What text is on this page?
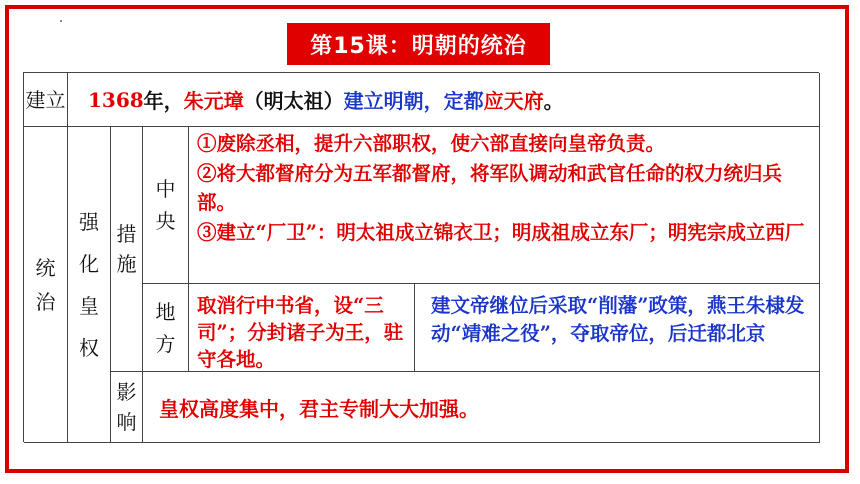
第15课：明朝的统治
建立 1368 年， 朱元璋 （明太祖） 建立明朝， 定都 应天府 。
统治
强化皇权
措施
中央
①废除丞相，提升六部职权，使六部直接向皇帝负责。
②将大都督府分为五军都督府，将军队调动和武官任命的权力统归兵部。
③建立“厂卫”：明太祖成立锦衣卫；明成祖成立东厂；明宪宗成立西厂
地方
取消行中书省，设“三司”；分封诸子为王，驻守各地。
建文帝继位后采取“削藩”政策，燕王朱棣发动“靖难之役”，夺取帝位，后迁都北京
影响
皇权高度集中，君主专制大大加强。
